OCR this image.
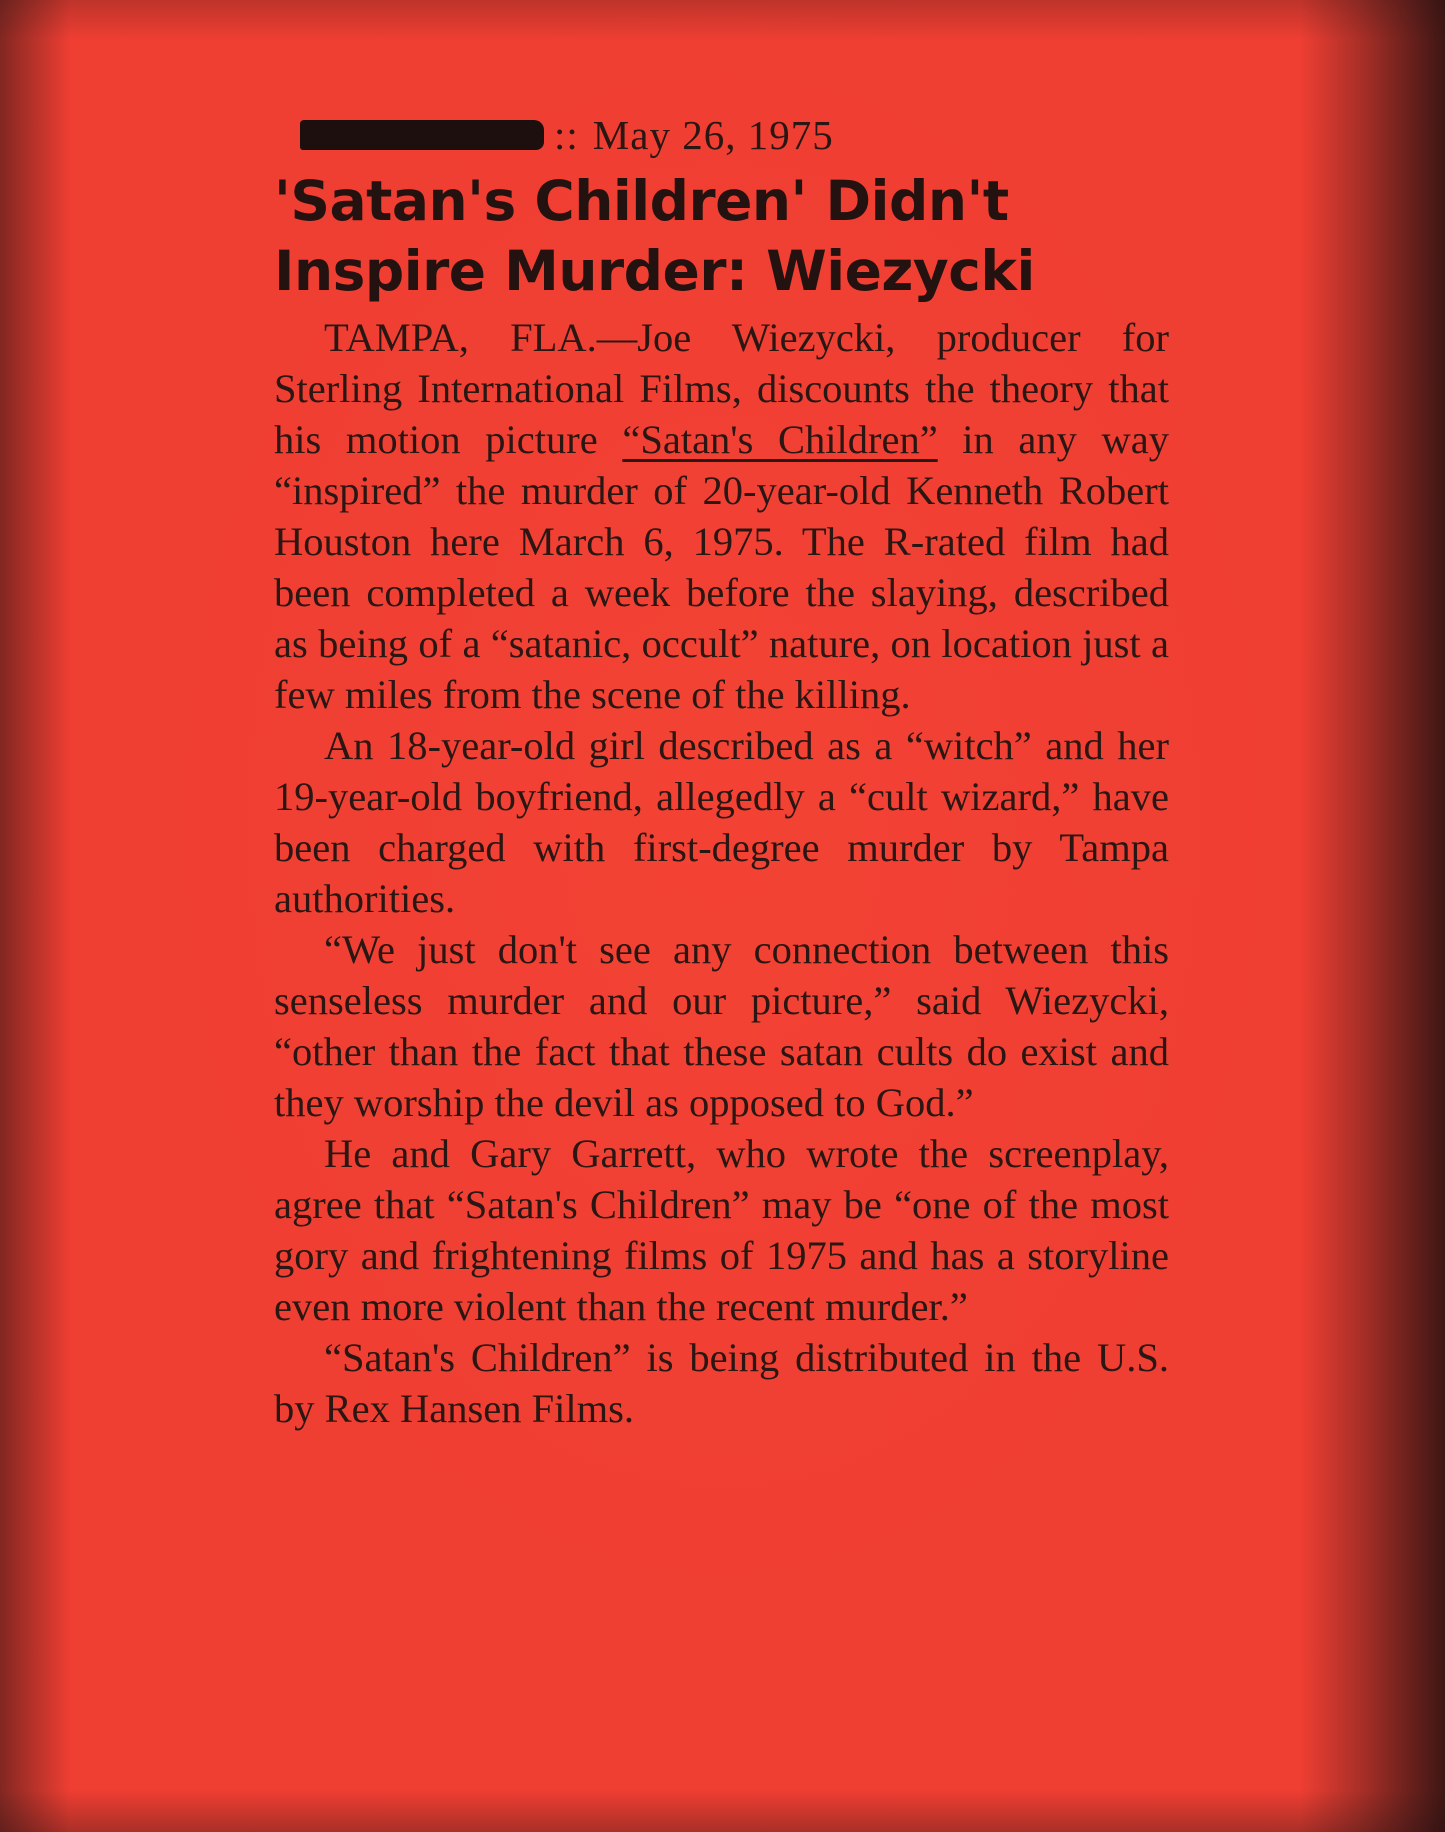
:: May 26, 1975
'Satan's Children' Didn't
Inspire Murder: Wiezycki

TAMPA, FLA.—Joe Wiezycki, producer for Sterling International Films, discounts the theory that his motion picture “Satan's Children” in any way “inspired” the murder of 20-year-old Kenneth Robert Houston here March 6, 1975. The R-rated film had been completed a week before the slaying, described as being of a “satanic, occult” nature, on location just a few miles from the scene of the killing.

An 18-year-old girl described as a “witch” and her 19-year-old boyfriend, allegedly a “cult wizard,” have been charged with first-degree murder by Tampa authorities.

“We just don't see any connection between this senseless murder and our picture,” said Wiezycki, “other than the fact that these satan cults do exist and they worship the devil as opposed to God.”

He and Gary Garrett, who wrote the screenplay, agree that “Satan's Children” may be “one of the most gory and frightening films of 1975 and has a storyline even more violent than the recent murder.”

“Satan's Children” is being distributed in the U.S. by Rex Hansen Films.
